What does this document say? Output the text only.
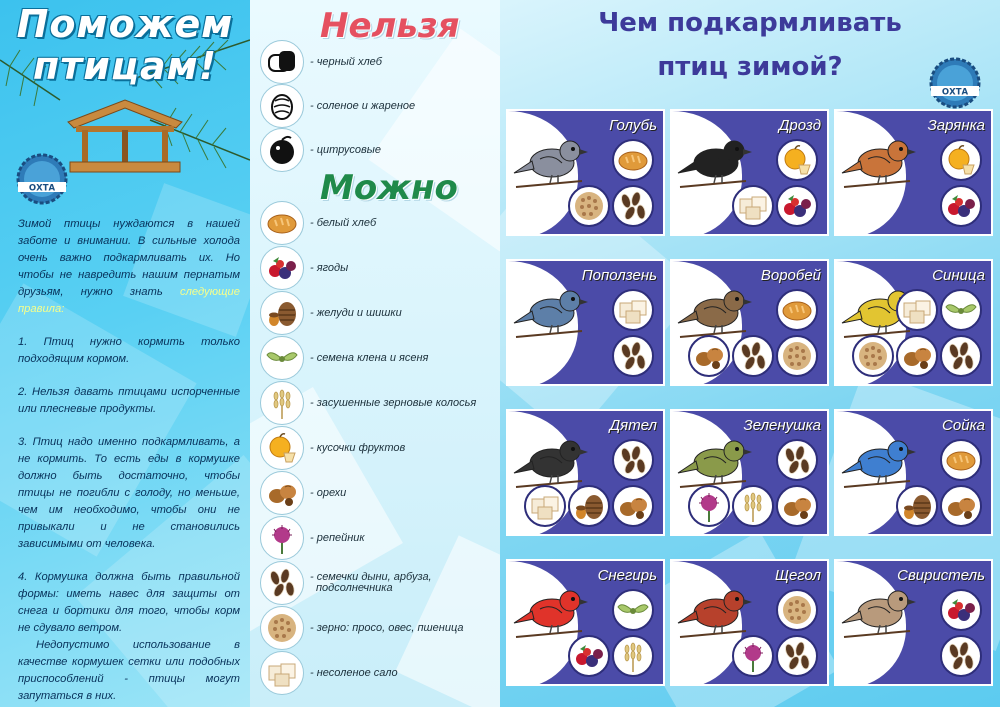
Поможем
птицам!
ОХТА

Зимой птицы нуждаются в нашей заботе и внимании. В сильные холода очень важно подкармливать их. Но чтобы не навредить нашим пернатым друзьям, нужно знать следующие правила:

1. Птиц нужно кормить только подходящим кормом.

2. Нельзя давать птицами испорченные или плесневые продукты.

3. Птиц надо именно подкармливать, а не кормить. То есть еды в кормушке должно быть достаточно, чтобы птицы не погибли с голоду, но меньше, чем им необходимо, чтобы они не привыкали и не становились зависимыми от человека.

4. Кормушка должна быть правильной формы: иметь навес для защиты от снега и бортики для того, чтобы корм не сдувало ветром.

Недопустимо использование в качестве кормушек сетки или подобных приспособлений - птицы могут запутаться в них.

Нельзя
- черный хлеб
- соленое и жареное
- цитрусовые
Можно
- белый хлеб
- ягоды
- желуди и шишки
- семена клена и ясеня
- засушенные зерновые колосья
- кусочки фруктов
- орехи
- репейник
- семечки дыни, арбуза,
подсолнечника
- зерно: просо, овес, пшеница
- несоленое сало
Чем подкармливать
птиц зимой?
ОХТА
Голубь	Дрозд	Зарянка
Поползень	Воробей	Синица
Дятел	Зеленушка	Сойка
Снегирь	Щегол	Свиристель
